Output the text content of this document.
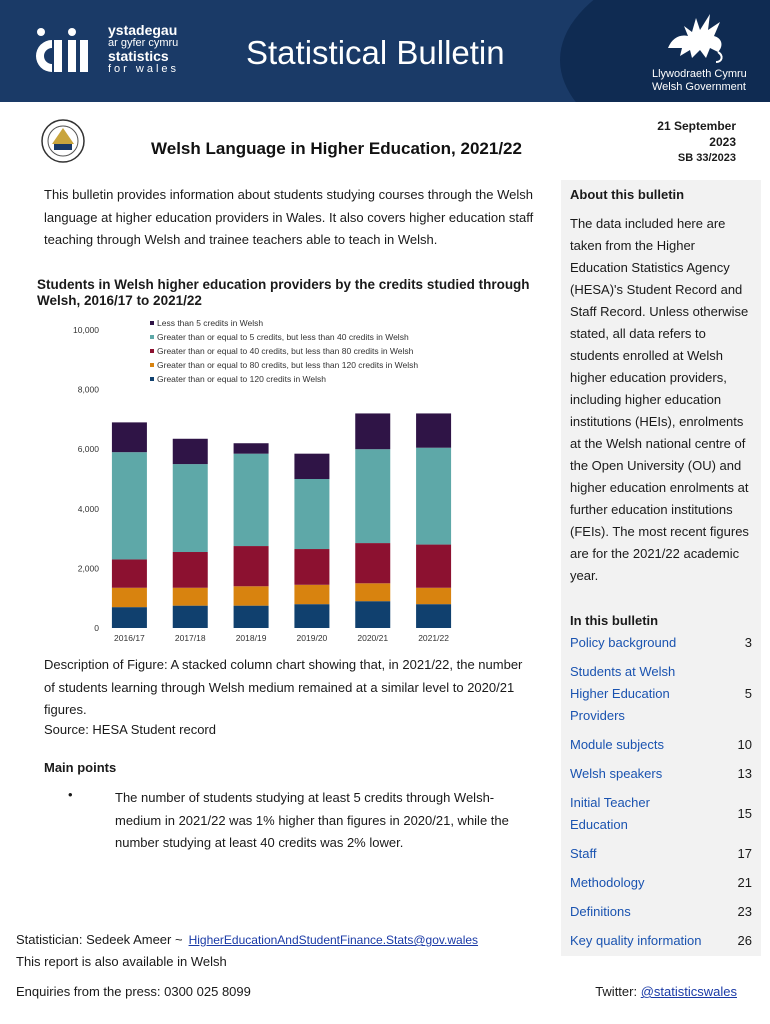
ystadegau
ar gyfer cymru
statistics
for wales Statistical Bulletin
Llywodraeth Cymru
Welsh Government
Welsh Language in Higher Education, 2021/22
21 September
2023
SB 33/2023
This bulletin provides information about students studying courses through the Welsh language at higher education providers in Wales. It also covers higher education staff teaching through Welsh and trainee teachers able to teach in Welsh.
Students in Welsh higher education providers by the credits studied through Welsh, 2016/17 to 2021/22
0
2,000
4,000
6,000
8,000
10,000
2016/17	2017/18	2018/19	2019/20	2020/21	2021/22
Less than 5 credits in Welsh
Greater than or equal to 5 credits, but less than 40 credits in Welsh
Greater than or equal to 40 credits, but less than 80 credits in Welsh
Greater than or equal to 80 credits, but less than 120 credits in Welsh
Greater than or equal to 120 credits in Welsh
Description of Figure: A stacked column chart showing that, in 2021/22, the number of students learning through Welsh medium remained at a similar level to 2020/21 figures.
Source: HESA Student record
Main points
•	The number of students studying at least 5 credits through Welsh-medium in 2021/22 was 1% higher than figures in 2020/21, while the number studying at least 40 credits was 2% lower.
About this bulletin
The data included here are taken from the Higher Education Statistics Agency (HESA)'s Student Record and Staff Record. Unless otherwise stated, all data refers to students enrolled at Welsh higher education providers, including higher education institutions (HEIs), enrolments at the Welsh national centre of the Open University (OU) and higher education enrolments at further education institutions (FEIs). The most recent figures are for the 2021/22 academic year.
In this bulletin
Policy background	3
Students at Welsh Higher Education Providers
5
Module subjects	10
Welsh speakers	13
Initial Teacher Education
15
Staff	17
Methodology	21
Definitions	23
Key quality information	26
Statistician: Sedeek Ameer ~ HigherEducationAndStudentFinance.Stats@gov.wales
This report is also available in Welsh
Enquiries from the press: 0300 025 8099	Twitter: @statisticswales
